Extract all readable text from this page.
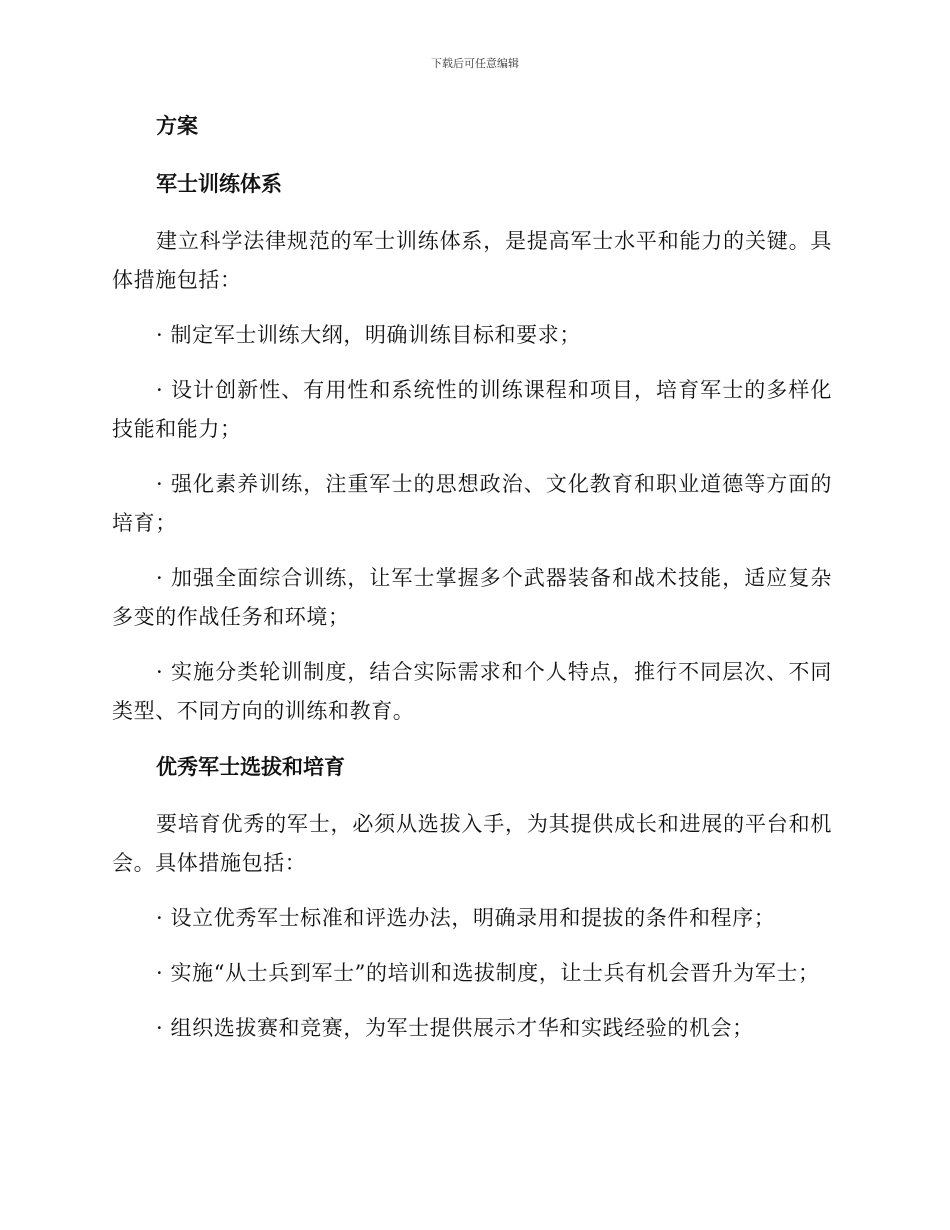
下载后可任意编辑
方案
军士训练体系

建立科学法律规范的军士训练体系，是提高军士水平和能力的关键。具体措施包括：

· 制定军士训练大纲，明确训练目标和要求；

· 设计创新性、有用性和系统性的训练课程和项目，培育军士的多样化技能和能力；

· 强化素养训练，注重军士的思想政治、文化教育和职业道德等方面的培育；

· 加强全面综合训练，让军士掌握多个武器装备和战术技能，适应复杂多变的作战任务和环境；

· 实施分类轮训制度，结合实际需求和个人特点，推行不同层次、不同类型、不同方向的训练和教育。

优秀军士选拔和培育

要培育优秀的军士，必须从选拔入手，为其提供成长和进展的平台和机会。具体措施包括：

· 设立优秀军士标准和评选办法，明确录用和提拔的条件和程序；

· 实施“从士兵到军士”的培训和选拔制度，让士兵有机会晋升为军士；

· 组织选拔赛和竞赛，为军士提供展示才华和实践经验的机会；
